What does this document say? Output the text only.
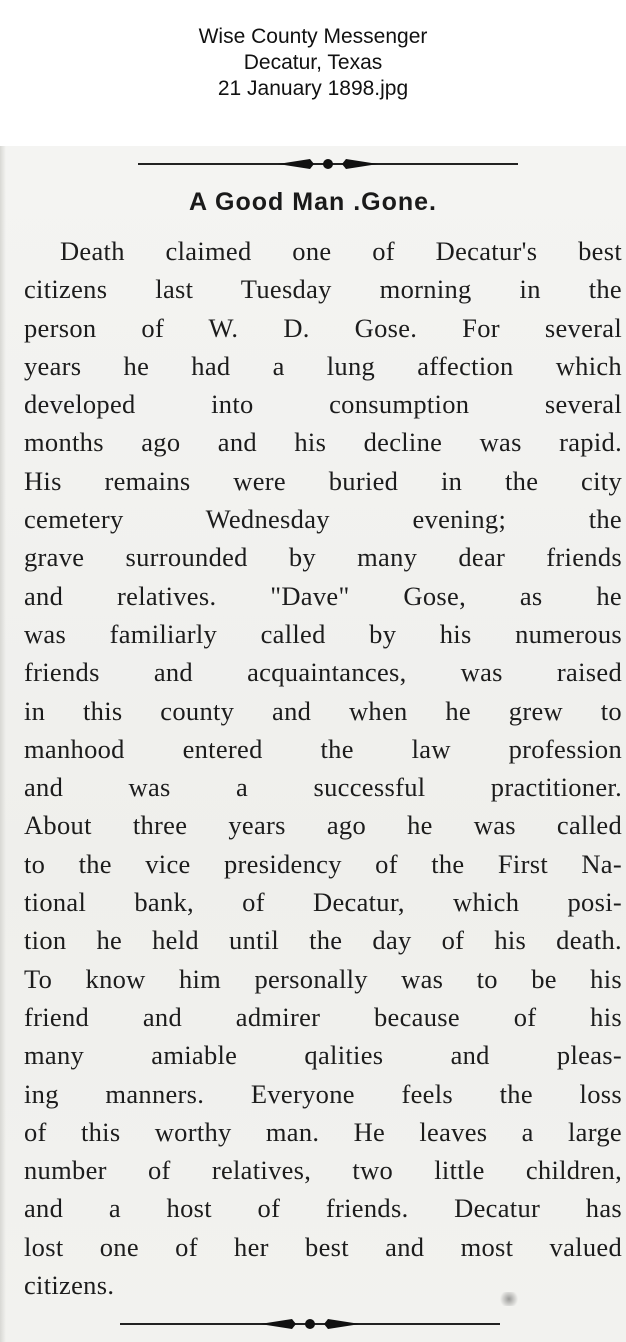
Wise County Messenger
Decatur, Texas
21 January 1898.jpg
A Good Man .Gone.
Death claimed one of Decatur's best
citizens last Tuesday morning in the
person of W. D. Gose. For several
years he had a lung affection which
developed into consumption several
months ago and his decline was rapid.
His remains were buried in the city
cemetery Wednesday evening; the
grave surrounded by many dear friends
and relatives. "Dave" Gose, as he
was familiarly called by his numerous
friends and acquaintances, was raised
in this county and when he grew to
manhood entered the law profession
and was a successful practitioner.
About three years ago he was called
to the vice presidency of the First Na-
tional bank, of Decatur, which posi-
tion he held until the day of his death.
To know him personally was to be his
friend and admirer because of his
many amiable qalities and pleas-
ing manners. Everyone feels the loss
of this worthy man. He leaves a large
number of relatives, two little children,
and a host of friends. Decatur has
lost one of her best and most valued
citizens.
